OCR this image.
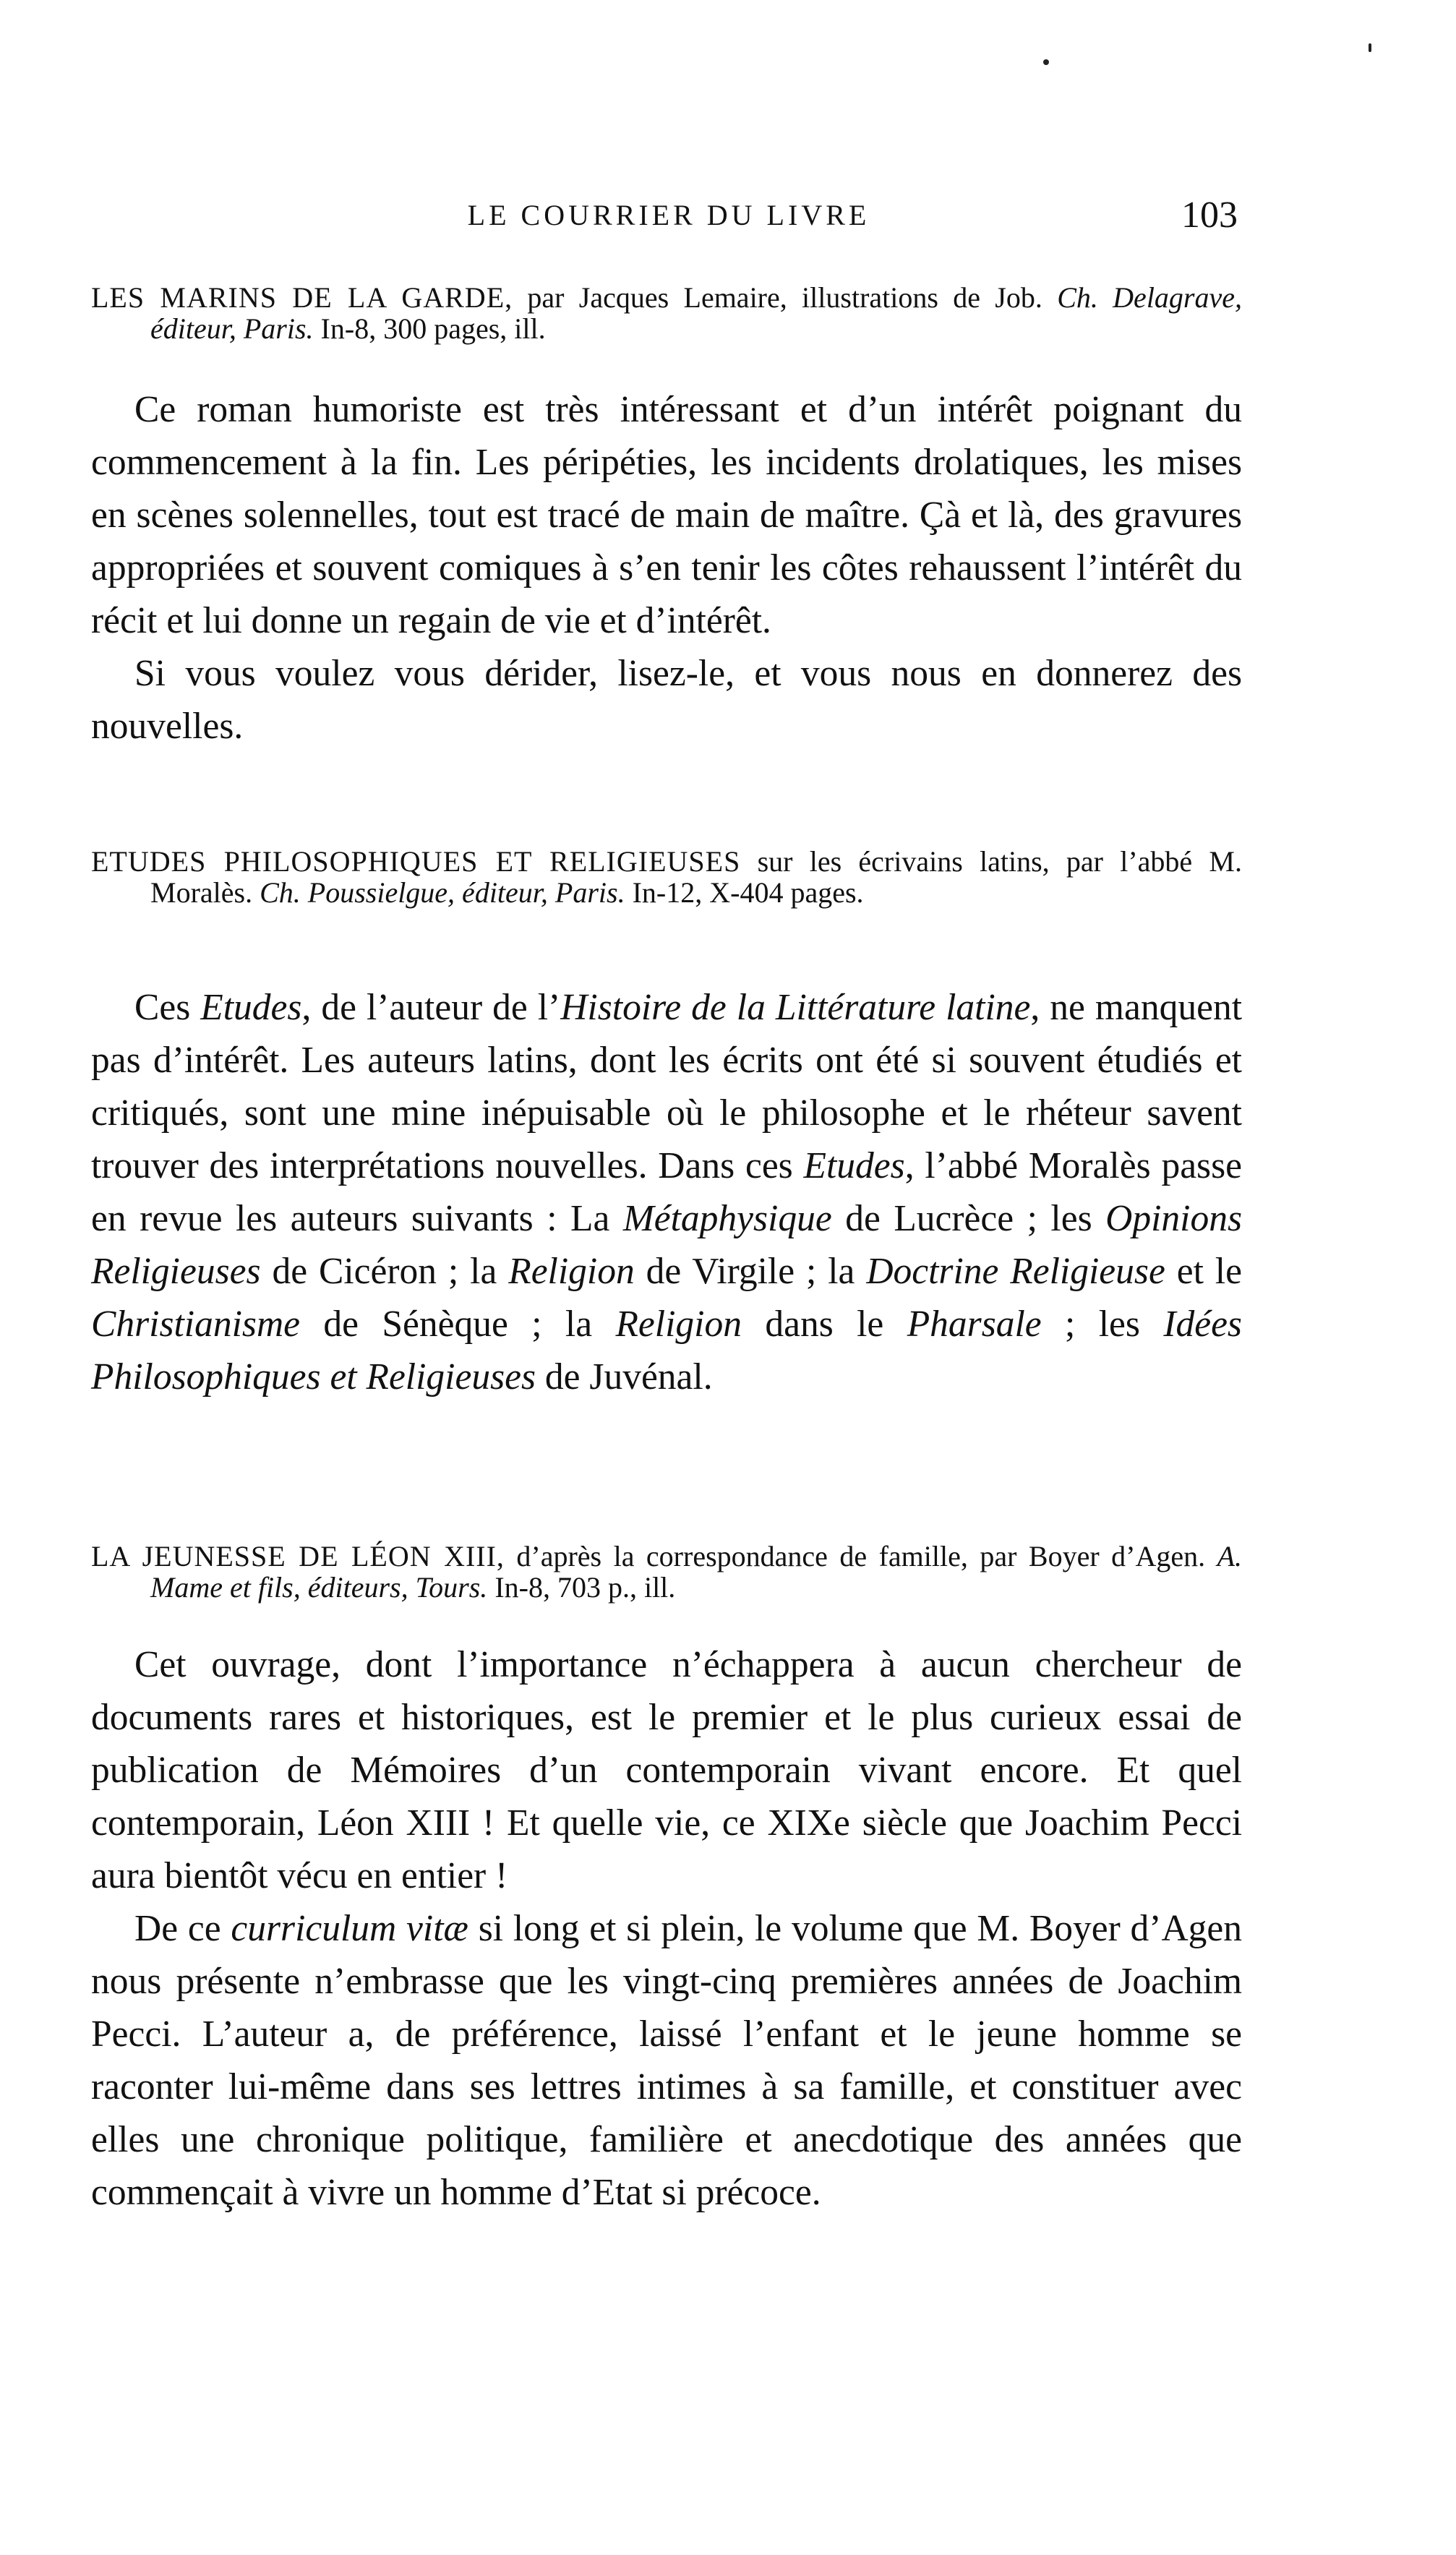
LE COURRIER DU LIVRE	103

LES MARINS DE LA GARDE, par Jacques Lemaire, illustrations de Job. Ch. Delagrave, éditeur, Paris. In-8, 300 pages, ill.

Ce roman humoriste est très intéressant et d’un intérêt poignant du commencement à la fin. Les péripéties, les incidents drolatiques, les mises en scènes solennelles, tout est tracé de main de maître. Çà et là, des gravures appropriées et souvent comiques à s’en tenir les côtes rehaussent l’intérêt du récit et lui donne un regain de vie et d’intérêt.

Si vous voulez vous dérider, lisez-le, et vous nous en donnerez des nouvelles.

ETUDES PHILOSOPHIQUES ET RELIGIEUSES sur les écrivains latins, par l’abbé M. Moralès. Ch. Poussielgue, éditeur, Paris. In-12, X-404 pages.

Ces Etudes, de l’auteur de l’Histoire de la Littérature latine, ne manquent pas d’intérêt. Les auteurs latins, dont les écrits ont été si souvent étudiés et critiqués, sont une mine inépuisable où le philosophe et le rhéteur savent trouver des interprétations nouvelles. Dans ces Etudes, l’abbé Moralès passe en revue les auteurs suivants : La Métaphysique de Lucrèce ; les Opinions Religieuses de Cicéron ; la Religion de Virgile ; la Doctrine Religieuse et le Christianisme de Sénèque ; la Religion dans le Pharsale ; les Idées Philosophiques et Religieuses de Juvénal.

LA JEUNESSE DE LÉON XIII, d’après la correspondance de famille, par Boyer d’Agen. A. Mame et fils, éditeurs, Tours. In-8, 703 p., ill.

Cet ouvrage, dont l’importance n’échappera à aucun chercheur de documents rares et historiques, est le premier et le plus curieux essai de publication de Mémoires d’un contemporain vivant encore. Et quel contemporain, Léon XIII ! Et quelle vie, ce XIXe siècle que Joachim Pecci aura bientôt vécu en entier !

De ce curriculum vitæ si long et si plein, le volume que M. Boyer d’Agen nous présente n’embrasse que les vingt-cinq premières années de Joachim Pecci. L’auteur a, de préférence, laissé l’enfant et le jeune homme se raconter lui-même dans ses lettres intimes à sa famille, et constituer avec elles une chronique politique, familière et anecdotique des années que commençait à vivre un homme d’Etat si précoce.
